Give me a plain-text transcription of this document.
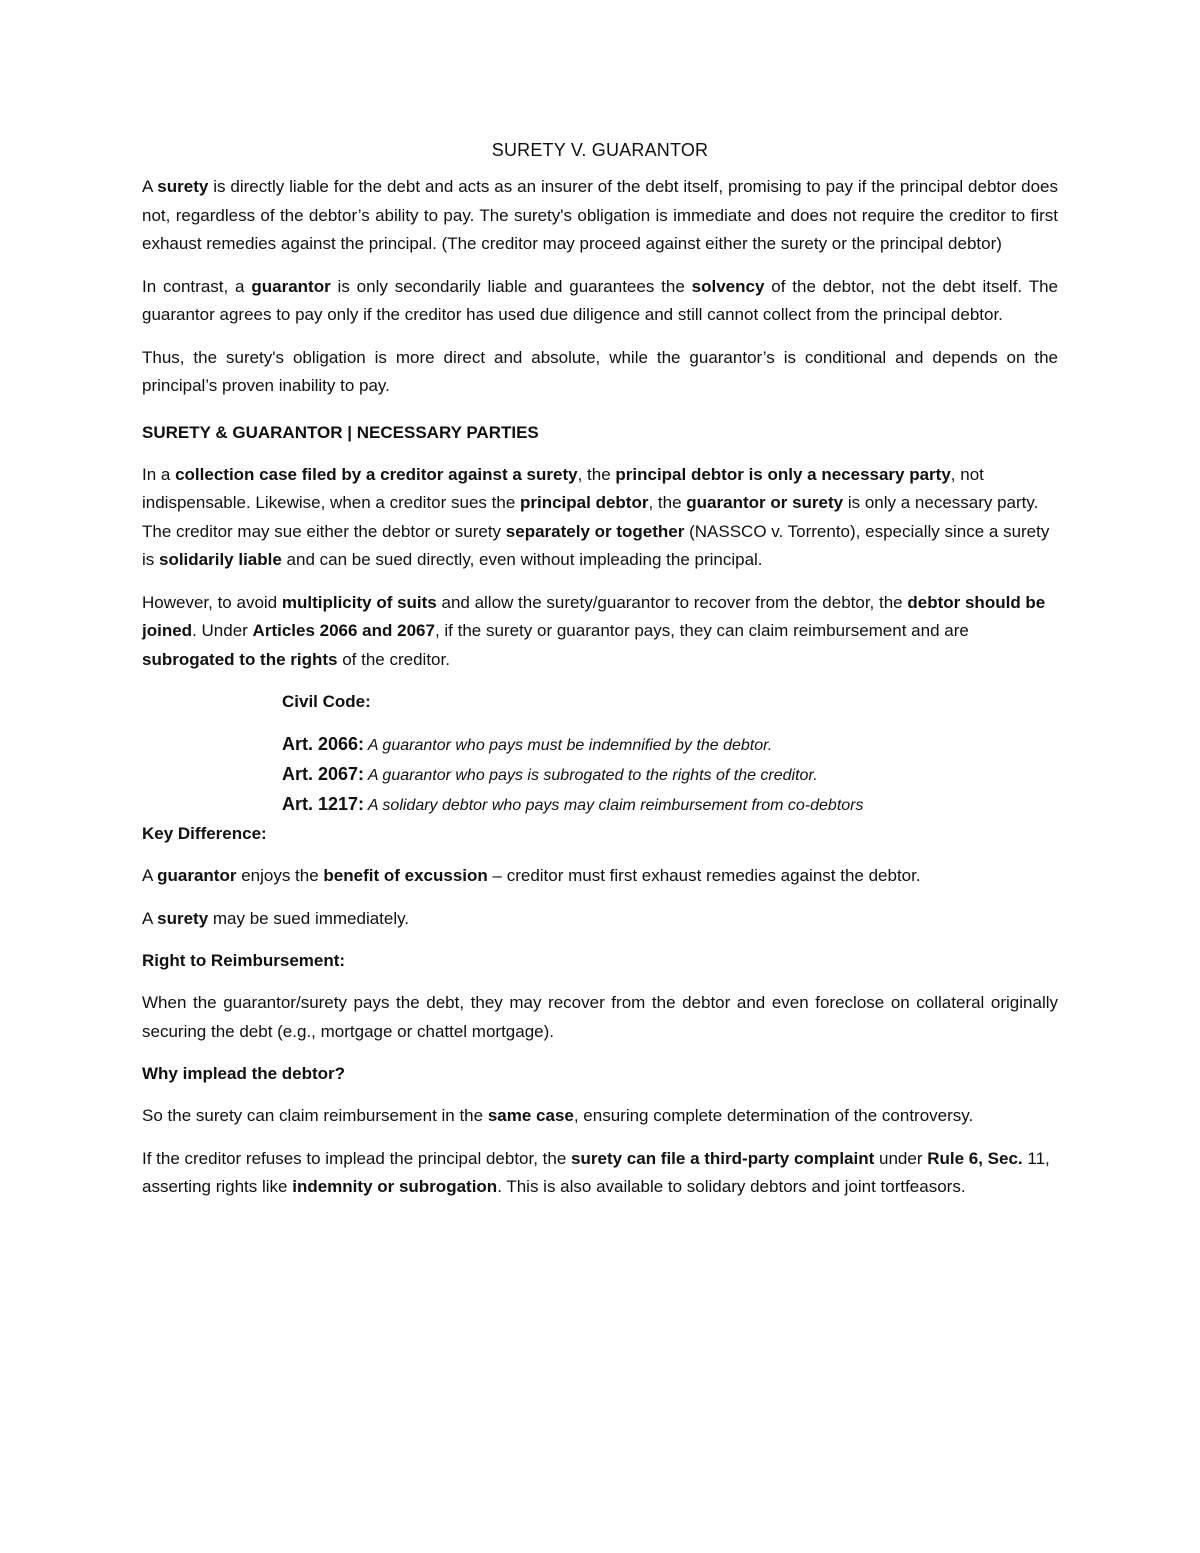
SURETY V. GUARANTOR

A surety is directly liable for the debt and acts as an insurer of the debt itself, promising to pay if the principal debtor does not, regardless of the debtor’s ability to pay. The surety's obligation is immediate and does not require the creditor to first exhaust remedies against the principal. (The creditor may proceed against either the surety or the principal debtor)

In contrast, a guarantor is only secondarily liable and guarantees the solvency of the debtor, not the debt itself. The guarantor agrees to pay only if the creditor has used due diligence and still cannot collect from the principal debtor.

Thus, the surety's obligation is more direct and absolute, while the guarantor’s is conditional and depends on the principal’s proven inability to pay.

SURETY & GUARANTOR | NECESSARY PARTIES

In a collection case filed by a creditor against a surety, the principal debtor is only a necessary party, not indispensable. Likewise, when a creditor sues the principal debtor, the guarantor or surety is only a necessary party. The creditor may sue either the debtor or surety separately or together (NASSCO v. Torrento), especially since a surety is solidarily liable and can be sued directly, even without impleading the principal.

However, to avoid multiplicity of suits and allow the surety/guarantor to recover from the debtor, the debtor should be joined. Under Articles 2066 and 2067, if the surety or guarantor pays, they can claim reimbursement and are subrogated to the rights of the creditor.

Civil Code:
Art. 2066: A guarantor who pays must be indemnified by the debtor.
Art. 2067: A guarantor who pays is subrogated to the rights of the creditor.
Art. 1217: A solidary debtor who pays may claim reimbursement from co-debtors
Key Difference:

A guarantor enjoys the benefit of excussion – creditor must first exhaust remedies against the debtor.

A surety may be sued immediately.

Right to Reimbursement:

When the guarantor/surety pays the debt, they may recover from the debtor and even foreclose on collateral originally securing the debt (e.g., mortgage or chattel mortgage).

Why implead the debtor?

So the surety can claim reimbursement in the same case, ensuring complete determination of the controversy.

If the creditor refuses to implead the principal debtor, the surety can file a third-party complaint under Rule 6, Sec. 11, asserting rights like indemnity or subrogation. This is also available to solidary debtors and joint tortfeasors.
